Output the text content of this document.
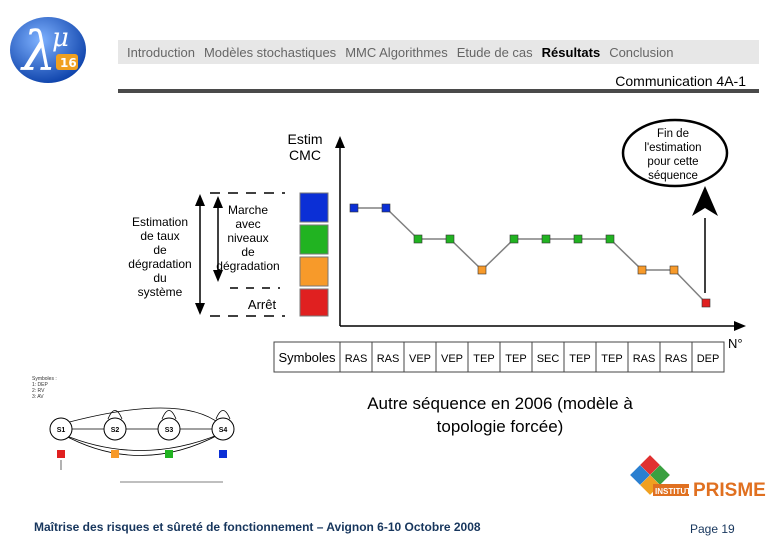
λ
μ
16
Introduction Modèles stochastiques MMC Algorithmes Etude de cas Résultats Conclusion
Communication 4A-1
Estim
CMC
Estimation
de taux
de
dégradation
du
système
Marche
avec
niveaux
de
dégradation
Arrêt
N°
Fin de
l'estimation
pour cette
séquence
Symboles RAS RAS VEP VEP TEP TEP SEC TEP TEP RAS RAS DEP
Autre séquence en 2006 (modèle à
topologie forcée)
Symboles :
1: DEP
2: RV
3: AV
S1	S2	S3	S4
INSTITUT PRISME
Maîtrise des risques et sûreté de fonctionnement – Avignon 6-10 Octobre 2008	Page 19
